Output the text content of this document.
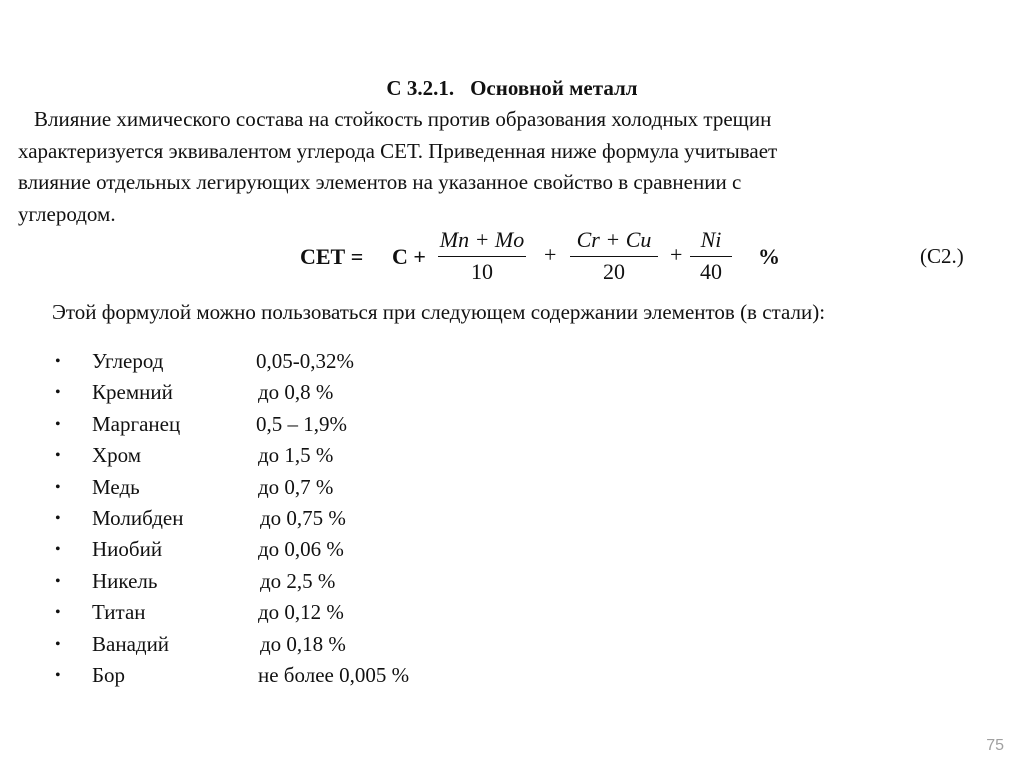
С 3.2.1. Основной металл
Влияние химического состава на стойкость против образования холодных трещин
характеризуется эквивалентом углерода СЕТ. Приведенная ниже формула учитывает
влияние отдельных легирующих элементов на указанное свойство в сравнении с
углеродом.
СЕТ = C +
Mn + Mo
10
+
Cr + Cu
20
+
Ni
40
%	(С2.)
Этой формулой можно пользоваться при следующем содержании элементов (в стали):
• Углерод	0,05-0,32%
• Кремний	до 0,8 %
• Марганец	0,5 – 1,9%
• Хром	до 1,5 %
• Медь	до 0,7 %
• Молибден	до 0,75 %
• Ниобий	до 0,06 %
• Никель	до 2,5 %
• Титан	до 0,12 %
• Ванадий	до 0,18 %
• Бор	не более 0,005 %
75
